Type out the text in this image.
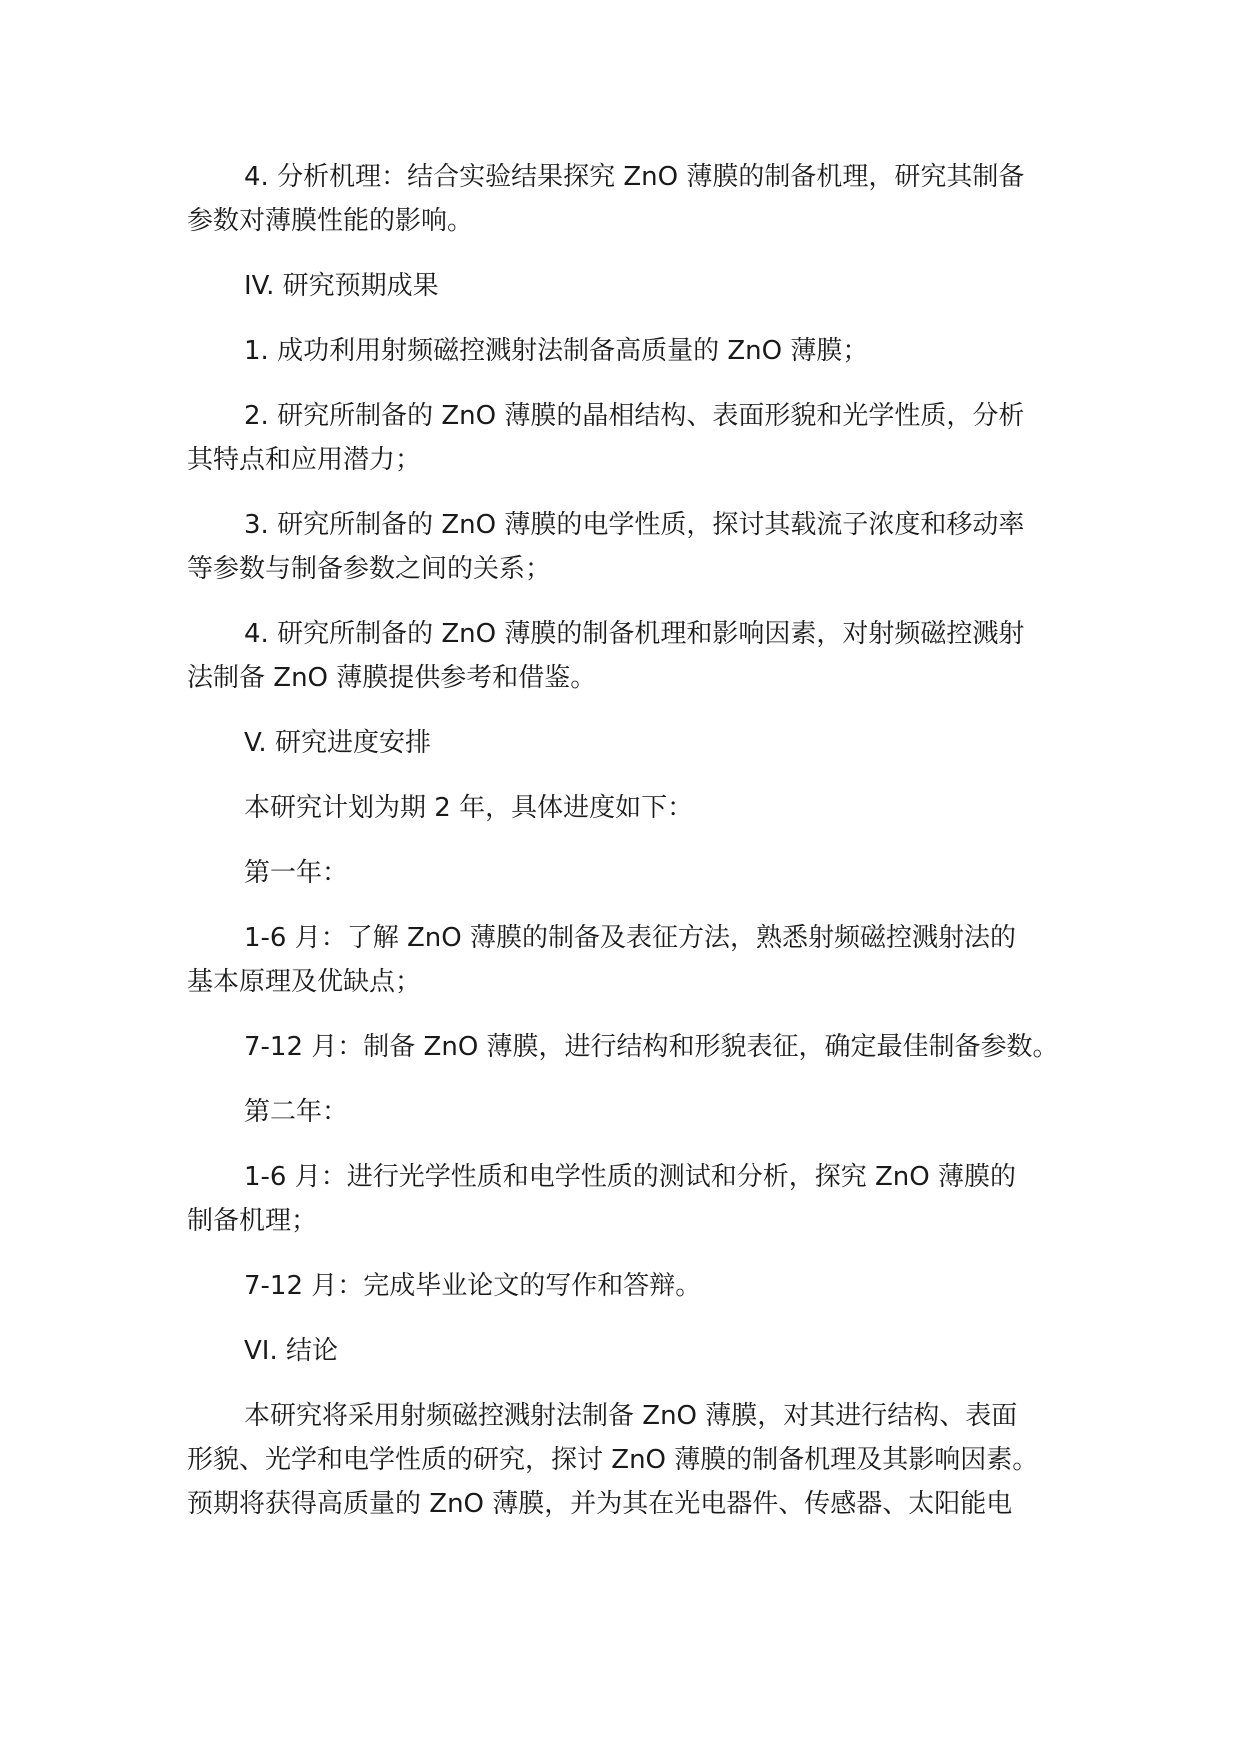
4. 分析机理：结合实验结果探究 ZnO 薄膜的制备机理，研究其制备
参数对薄膜性能的影响。
IV. 研究预期成果
1. 成功利用射频磁控溅射法制备高质量的 ZnO 薄膜；
2. 研究所制备的 ZnO 薄膜的晶相结构、表面形貌和光学性质，分析
其特点和应用潜力；
3. 研究所制备的 ZnO 薄膜的电学性质，探讨其载流子浓度和移动率
等参数与制备参数之间的关系；
4. 研究所制备的 ZnO 薄膜的制备机理和影响因素，对射频磁控溅射
法制备 ZnO 薄膜提供参考和借鉴。
V. 研究进度安排
本研究计划为期 2 年，具体进度如下：
第一年：
1-6 月：了解 ZnO 薄膜的制备及表征方法，熟悉射频磁控溅射法的
基本原理及优缺点；
7-12 月：制备 ZnO 薄膜，进行结构和形貌表征，确定最佳制备参数。
第二年：
1-6 月：进行光学性质和电学性质的测试和分析，探究 ZnO 薄膜的
制备机理；
7-12 月：完成毕业论文的写作和答辩。
VI. 结论
本研究将采用射频磁控溅射法制备 ZnO 薄膜，对其进行结构、表面
形貌、光学和电学性质的研究，探讨 ZnO 薄膜的制备机理及其影响因素。
预期将获得高质量的 ZnO 薄膜，并为其在光电器件、传感器、太阳能电
